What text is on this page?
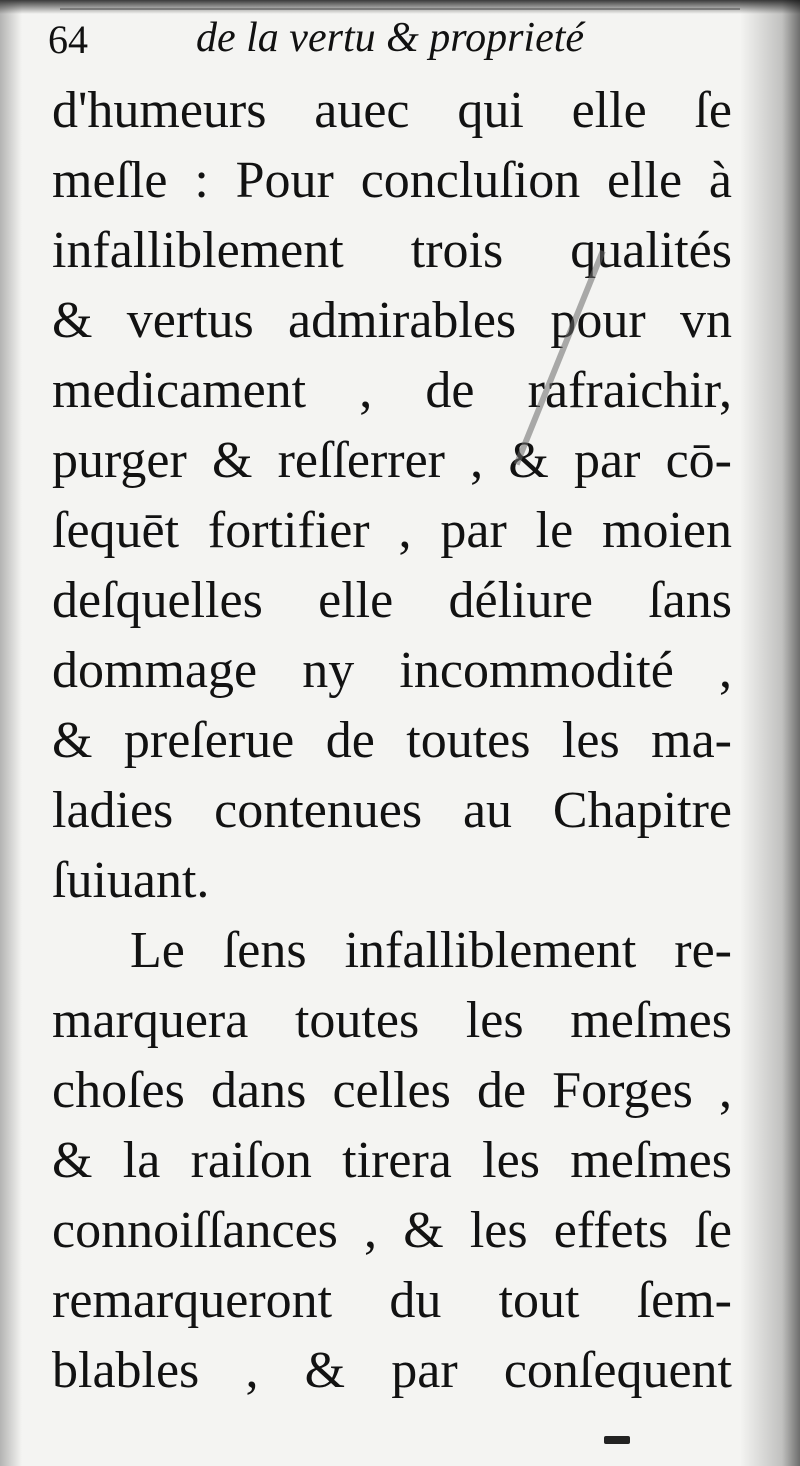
64	de la vertu & proprieté
d'humeurs auec qui elle ſe
meſle : Pour concluſion elle à
infalliblement trois qualités
& vertus admirables pour vn
medicament , de rafraichir,
purger & reſſerrer , & par cō-
ſequēt fortifier , par le moien
deſquelles elle déliure ſans
dommage ny incommodité ,
& preſerue de toutes les ma-
ladies contenues au Chapitre
ſuiuant.
Le ſens infalliblement re-
marquera toutes les meſmes
choſes dans celles de Forges ,
& la raiſon tirera les meſmes
connoiſſances , & les effets ſe
remarqueront du tout ſem-
blables , & par conſequent
